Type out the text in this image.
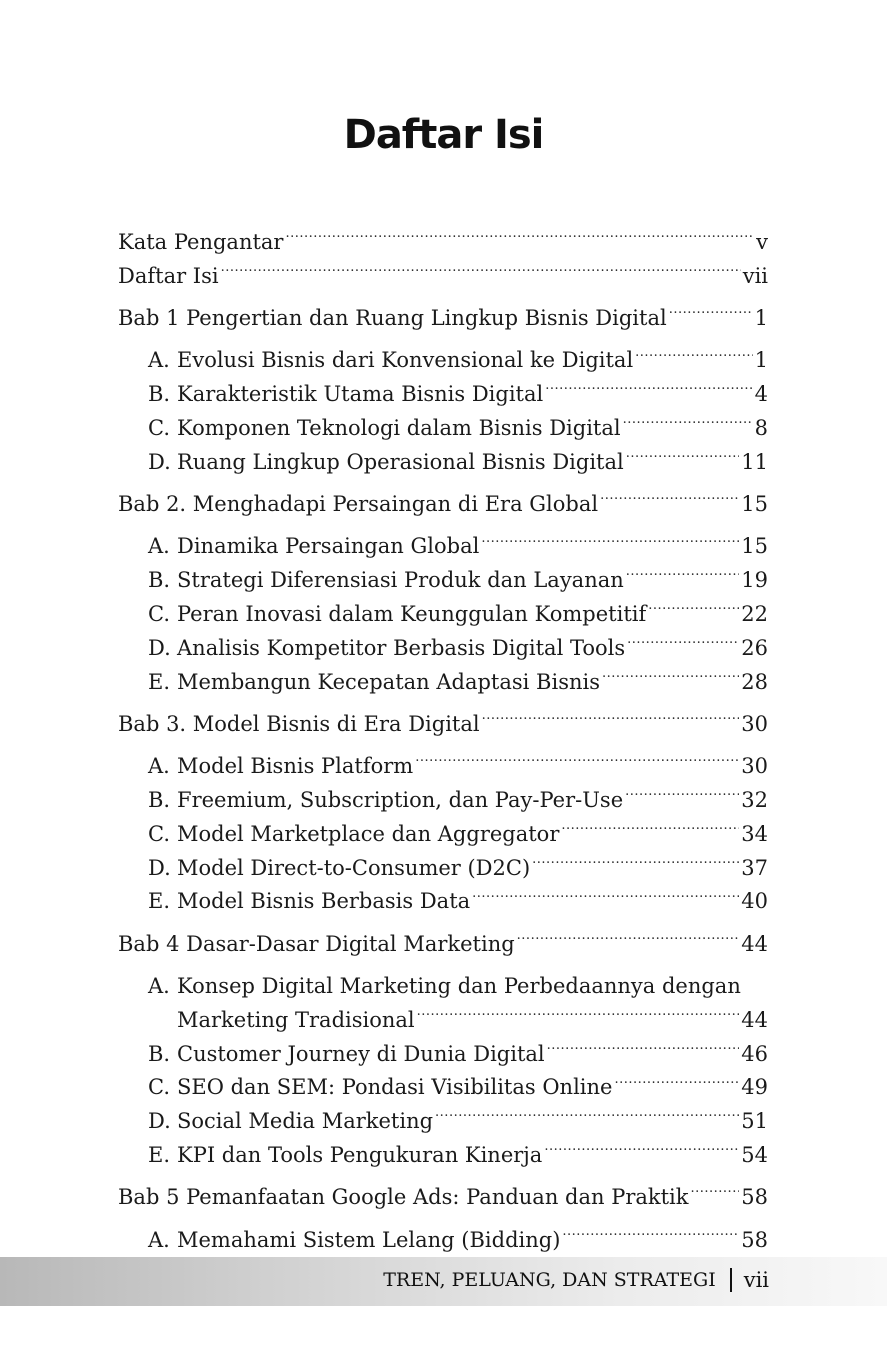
Daftar Isi
Kata Pengantar .....	v
Daftar Isi .....	vii
Bab 1 Pengertian dan Ruang Lingkup Bisnis Digital .....	1
A. Evolusi Bisnis dari Konvensional ke Digital .....	1
B. Karakteristik Utama Bisnis Digital .....	4
C. Komponen Teknologi dalam Bisnis Digital .....	8
D. Ruang Lingkup Operasional Bisnis Digital .....	11
Bab 2. Menghadapi Persaingan di Era Global .....	15
A. Dinamika Persaingan Global .....	15
B. Strategi Diferensiasi Produk dan Layanan .....	19
C. Peran Inovasi dalam Keunggulan Kompetitif .....	22
D. Analisis Kompetitor Berbasis Digital Tools .....	26
E. Membangun Kecepatan Adaptasi Bisnis .....	28
Bab 3. Model Bisnis di Era Digital .....	30
A. Model Bisnis Platform .....	30
B. Freemium, Subscription, dan Pay-Per-Use .....	32
C. Model Marketplace dan Aggregator .....	34
D. Model Direct-to-Consumer (D2C) .....	37
E. Model Bisnis Berbasis Data .....	40
Bab 4 Dasar-Dasar Digital Marketing .....	44
A. Konsep Digital Marketing dan Perbedaannya dengan
Marketing Tradisional .....	44
B. Customer Journey di Dunia Digital .....	46
C. SEO dan SEM: Pondasi Visibilitas Online .....	49
D. Social Media Marketing .....	51
E. KPI dan Tools Pengukuran Kinerja .....	54
Bab 5 Pemanfaatan Google Ads: Panduan dan Praktik .....	58
A. Memahami Sistem Lelang (Bidding) .....	58
TREN, PELUANG, DAN STRATEGI vii
